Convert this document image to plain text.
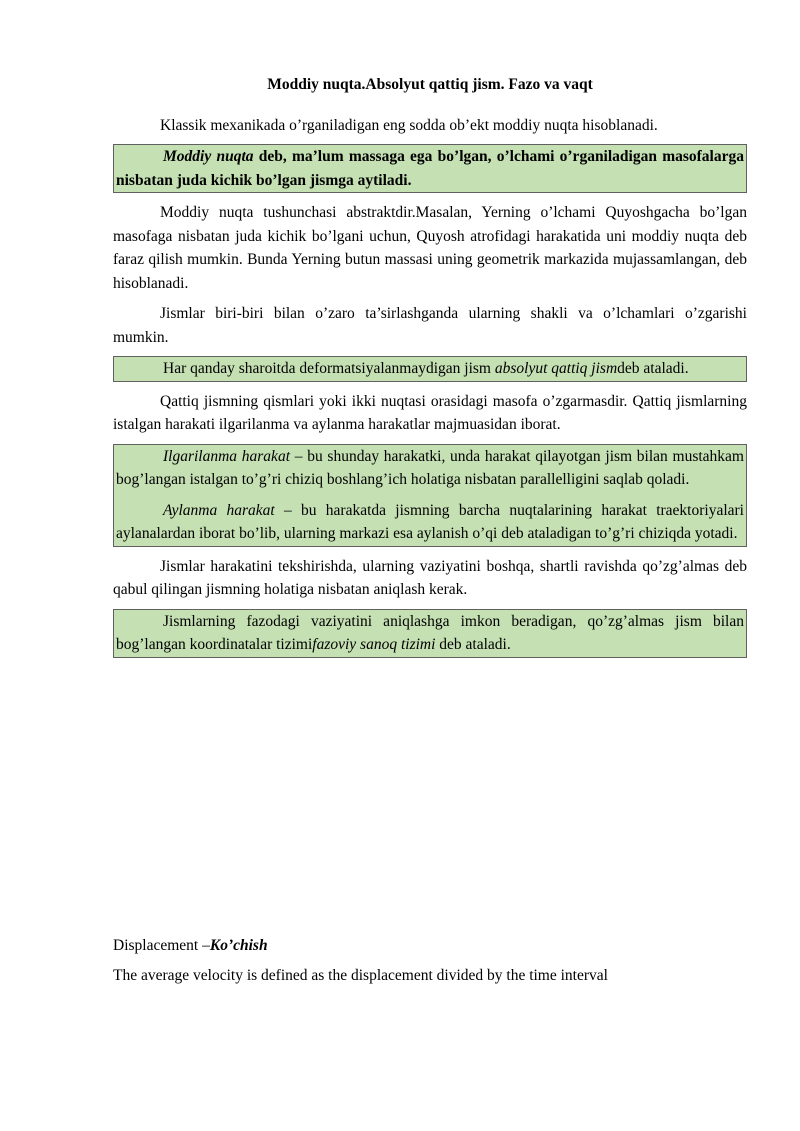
Moddiy nuqta.Absolyut qattiq jism. Fazo va vaqt

Klassik mexanikada o’rganiladigan eng sodda ob’ekt moddiy nuqta hisoblanadi.

Moddiy nuqta deb, ma’lum massaga ega bo’lgan, o’lchami o’rganiladigan masofalarga nisbatan juda kichik bo’lgan jismga aytiladi.

Moddiy nuqta tushunchasi abstraktdir.Masalan, Yerning o’lchami Quyoshgacha bo’lgan masofaga nisbatan juda kichik bo’lgani uchun, Quyosh atrofidagi harakatida uni moddiy nuqta deb faraz qilish mumkin. Bunda Yerning butun massasi uning geometrik markazida mujassamlangan, deb hisoblanadi.

Jismlar biri-biri bilan o’zaro ta’sirlashganda ularning shakli va o’lchamlari o’zgarishi mumkin.

Har qanday sharoitda deformatsiyalanmaydigan jism absolyut qattiq jismdeb ataladi.

Qattiq jismning qismlari yoki ikki nuqtasi orasidagi masofa o’zgarmasdir. Qattiq jismlarning istalgan harakati ilgarilanma va aylanma harakatlar majmuasidan iborat.

Ilgarilanma harakat – bu shunday harakatki, unda harakat qilayotgan jism bilan mustahkam bog’langan istalgan to’g’ri chiziq boshlang’ich holatiga nisbatan parallelligini saqlab qoladi.

Aylanma harakat – bu harakatda jismning barcha nuqtalarining harakat traektoriyalari aylanalardan iborat bo’lib, ularning markazi esa aylanish o’qi deb ataladigan to’g’ri chiziqda yotadi.

Jismlar harakatini tekshirishda, ularning vaziyatini boshqa, shartli ravishda qo’zg’almas deb qabul qilingan jismning holatiga nisbatan aniqlash kerak.

Jismlarning fazodagi vaziyatini aniqlashga imkon beradigan, qo’zg’almas jism bilan bog’langan koordinatalar tizimifazoviy sanoq tizimi deb ataladi.

Displacement –Ko’chish

The average velocity is defined as the displacement divided by the time interval
